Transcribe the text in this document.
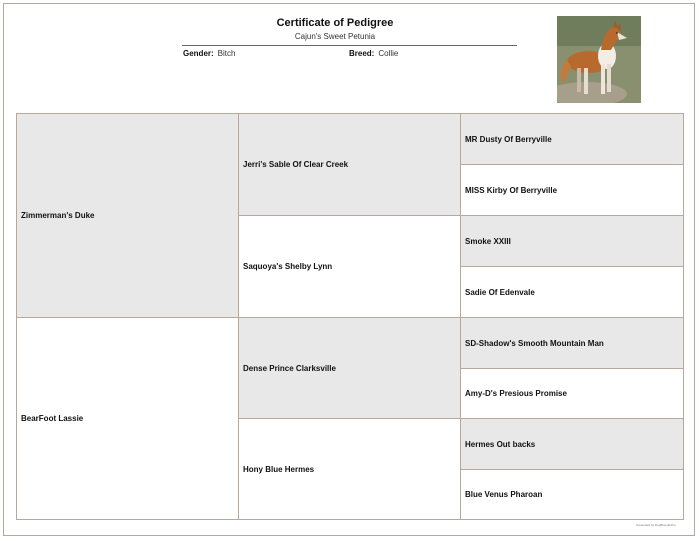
Certificate of Pedigree
Cajun's Sweet Petunia
Gender: Bitch	Breed: Collie
Zimmerman's Duke
BearFoot Lassie
Jerri's Sable Of Clear Creek
Saquoya's Shelby Lynn
Dense Prince Clarksville
Hony Blue Hermes
MR Dusty Of Berryville
MISS Kirby Of Berryville
Smoke XXIII
Sadie Of Edenvale
SD-Shadow's Smooth Mountain Man
Amy-D's Presious Promise
Hermes Out backs
Blue Venus Pharoan
Generated by DogBreederPro
